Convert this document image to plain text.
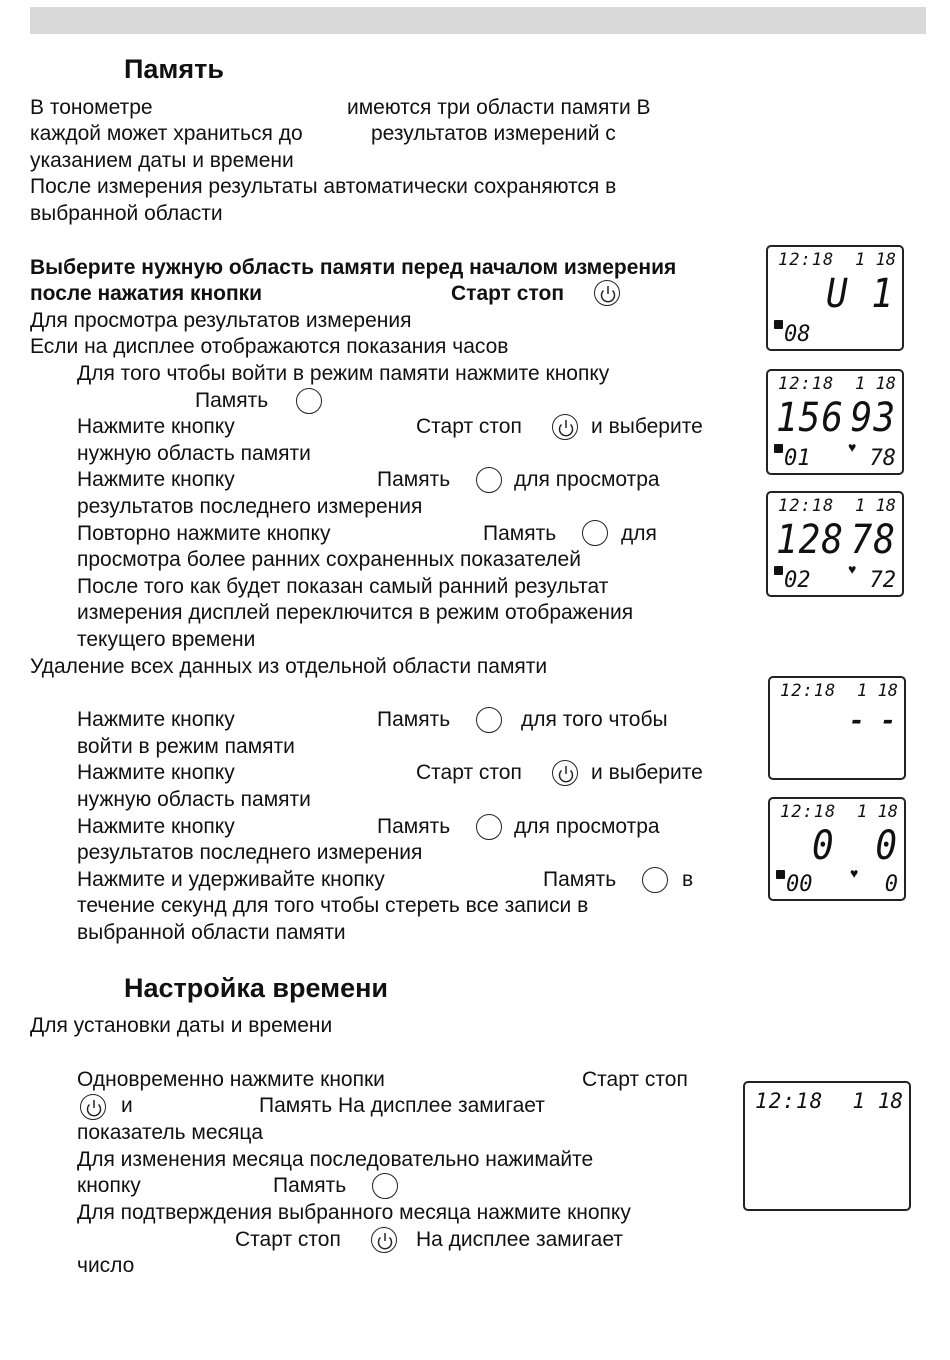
Память
В тонометре	имеются три области памяти В
каждой может храниться до	результатов измерений с
указанием даты и времени
После измерения результаты автоматически сохраняются в
выбранной области
Выберите нужную область памяти перед началом измерения
после нажатия кнопки	Старт стоп
Для просмотра результатов измерения
Если на дисплее отображаются показания часов
Для того чтобы войти в режим памяти нажмите кнопку
Память
Нажмите кнопку	Старт стоп	и выберите
нужную область памяти
Нажмите кнопку	Память	для просмотра
результатов последнего измерения
Повторно нажмите кнопку	Память	для
просмотра более ранних сохраненных показателей
После того как будет показан самый ранний результат
измерения дисплей переключится в режим отображения
текущего времени
Удаление всех данных из отдельной области памяти
Нажмите кнопку	Память	для того чтобы
войти в режим памяти
Нажмите кнопку	Старт стоп	и выберите
нужную область памяти
Нажмите кнопку	Память	для просмотра
результатов последнего измерения
Нажмите и удерживайте кнопку	Память	в
течение секунд для того чтобы стереть все записи в
выбранной области памяти
Настройка времени
Для установки даты и времени
Одновременно нажмите кнопки	Старт стоп
и	Память На дисплее замигает
показатель месяца
Для изменения месяца последовательно нажимайте
кнопку	Память
Для подтверждения выбранного месяца нажмите кнопку
Старт стоп	На дисплее замигает
число
12:18 1 18
U 1
08
12:18 1 18
156 93
01	♥ 78
12:18 1 18
128 78
02	♥ 72
12:18 1 18
- -
12:18 1 18
0 0
00	♥ 0
12:18 1 18
